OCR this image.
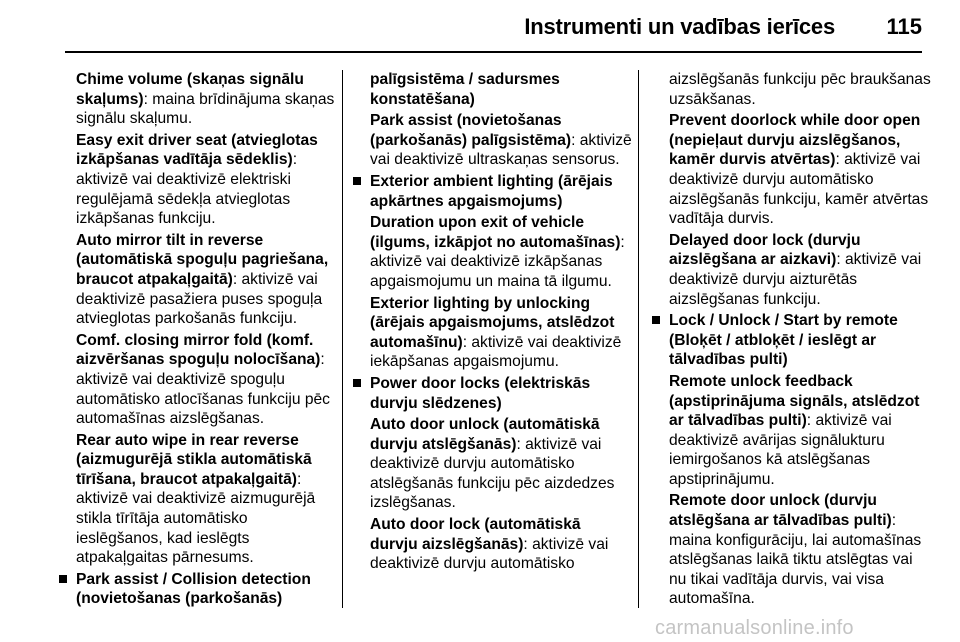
Instrumenti un vadības ierīces 115
Chime volume (skaņas signālu skaļums): maina brīdinājuma skaņas signālu skaļumu.
Easy exit driver seat (atvieglotas izkāpšanas vadītāja sēdeklis): aktivizē vai deaktivizē elektriski regulējamā sēdekļa atvieglotas izkāpšanas funkciju.
Auto mirror tilt in reverse (automātiskā spoguļu pagriešana, braucot atpakaļgaitā): aktivizē vai deaktivizē pasažiera puses spoguļa atvieglotas parkošanās funkciju.
Comf. closing mirror fold (komf. aizvēršanas spoguļu nolocīšana): aktivizē vai deaktivizē spoguļu automātisko atlocīšanas funkciju pēc automašīnas aizslēgšanas.
Rear auto wipe in rear reverse (aizmugurējā stikla automātiskā tīrīšana, braucot atpakaļgaitā): aktivizē vai deaktivizē aizmugurējā stikla tīrītāja automātisko ieslēgšanos, kad ieslēgts atpakaļgaitas pārnesums.
Park assist / Collision detection (novietošanas (parkošanās)
palīgsistēma / sadursmes konstatēšana)
Park assist (novietošanas (parkošanās) palīgsistēma): aktivizē vai deaktivizē ultraskaņas sensorus.
Exterior ambient lighting (ārējais apkārtnes apgaismojums)
Duration upon exit of vehicle (ilgums, izkāpjot no automašīnas): aktivizē vai deaktivizē izkāpšanas apgaismojumu un maina tā ilgumu.
Exterior lighting by unlocking (ārējais apgaismojums, atslēdzot automašīnu): aktivizē vai deaktivizē iekāpšanas apgaismojumu.
Power door locks (elektriskās durvju slēdzenes)
Auto door unlock (automātiskā durvju atslēgšanās): aktivizē vai deaktivizē durvju automātisko atslēgšanās funkciju pēc aizdedzes izslēgšanas.
Auto door lock (automātiskā durvju aizslēgšanās): aktivizē vai deaktivizē durvju automātisko
aizslēgšanās funkciju pēc braukšanas uzsākšanas.
Prevent doorlock while door open (nepieļaut durvju aizslēgšanos, kamēr durvis atvērtas): aktivizē vai deaktivizē durvju automātisko aizslēgšanās funkciju, kamēr atvērtas vadītāja durvis.
Delayed door lock (durvju aizslēgšana ar aizkavi): aktivizē vai deaktivizē durvju aizturētās aizslēgšanas funkciju.
Lock / Unlock / Start by remote (Bloķēt / atbloķēt / ieslēgt ar tālvadības pulti)
Remote unlock feedback (apstiprinājuma signāls, atslēdzot ar tālvadības pulti): aktivizē vai deaktivizē avārijas signālukturu iemirgošanos kā atslēgšanas apstiprinājumu.
Remote door unlock (durvju atslēgšana ar tālvadības pulti): maina konfigurāciju, lai automašīnas atslēgšanas laikā tiktu atslēgtas vai nu tikai vadītāja durvis, vai visa automašīna.
carmanualsonline.info
